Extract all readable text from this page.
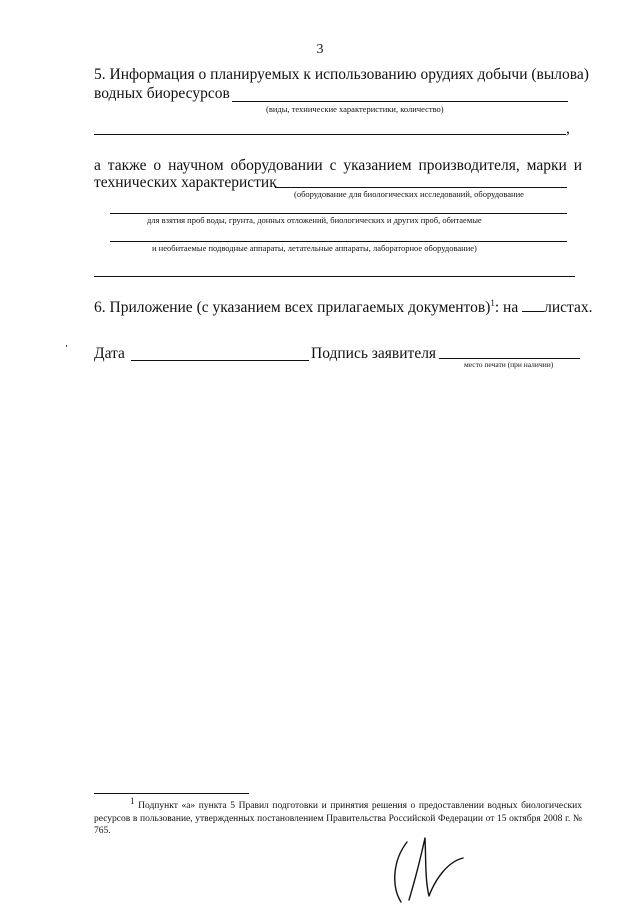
3
5. Информация о планируемых к использованию орудиях добычи (вылова)
водных биоресурсов
(виды, технические характеристики, количество)
,
а также о научном оборудовании с указанием производителя, марки и
технических характеристик
(оборудование для биологических исследований, оборудование
для взятия проб воды, грунта, донных отложений, биологических и других проб, обитаемые
и необитаемые подводные аппараты, летательные аппараты, лабораторное оборудование)
6. Приложение (с указанием всех прилагаемых документов)$^1$: на листах.
Дата	Подпись заявителя
место печати (при наличии)
1 Подпункт «а» пункта 5 Правил подготовки и принятия решения о предоставлении водных биологических ресурсов в пользование, утвержденных постановлением Правительства Российской Федерации от 15 октября 2008 г. № 765.
